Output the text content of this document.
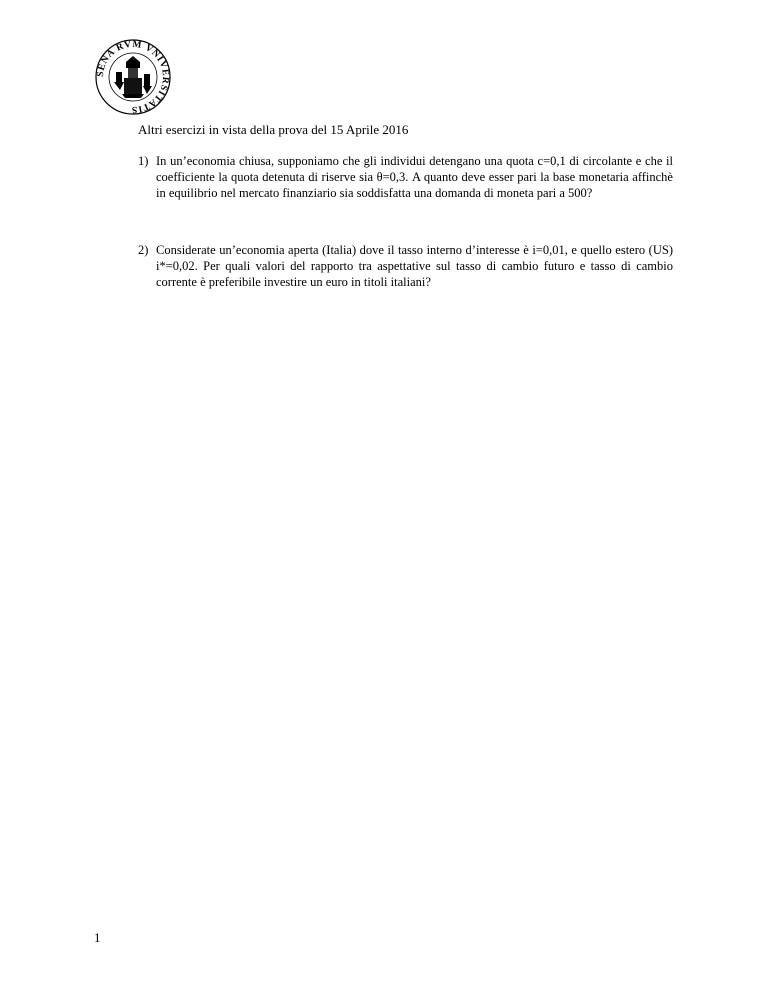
SENA RVM VNIVERSITATIS
Altri esercizi in vista della prova del 15 Aprile 2016
1) In un’economia chiusa, supponiamo che gli individui detengano una quota c=0,1 di circolante e che il coefficiente la quota detenuta di riserve sia θ=0,3. A quanto deve esser pari la base monetaria affinchè in equilibrio nel mercato finanziario sia soddisfatta una domanda di moneta pari a 500?
2) Considerate un’economia aperta (Italia) dove il tasso interno d’interesse è i=0,01, e quello estero (US) i*=0,02. Per quali valori del rapporto tra aspettative sul tasso di cambio futuro e tasso di cambio corrente è preferibile investire un euro in titoli italiani?
1
